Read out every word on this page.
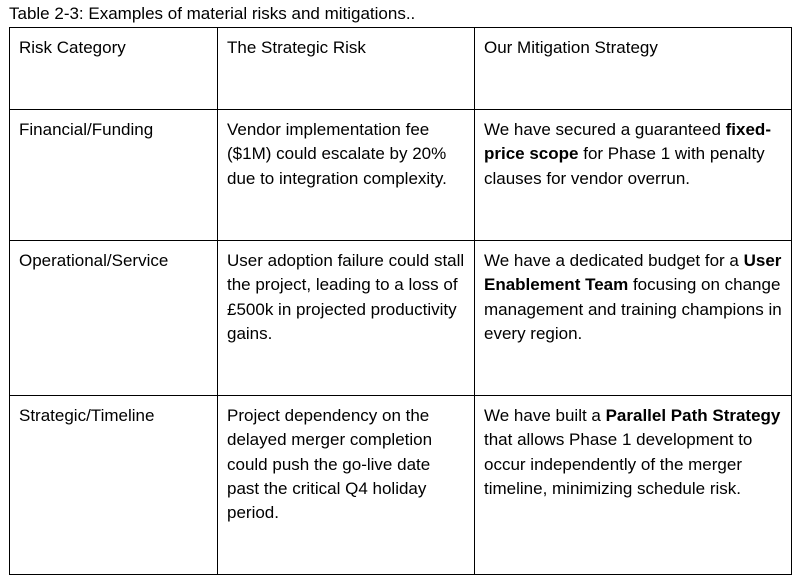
Table 2-3: Examples of material risks and mitigations..
Risk Category	The Strategic Risk	Our Mitigation Strategy
Financial/Funding	Vendor implementation fee ($1M) could escalate by 20% due to integration complexity.	We have secured a guaranteed fixed-price scope for Phase 1 with penalty clauses for vendor overrun.
Operational/Service	User adoption failure could stall the project, leading to a loss of £500k in projected productivity gains.	We have a dedicated budget for a User Enablement Team focusing on change management and training champions in every region.
Strategic/Timeline	Project dependency on the delayed merger completion could push the go-live date past the critical Q4 holiday period.	We have built a Parallel Path Strategy that allows Phase 1 development to occur independently of the merger timeline, minimizing schedule risk.
